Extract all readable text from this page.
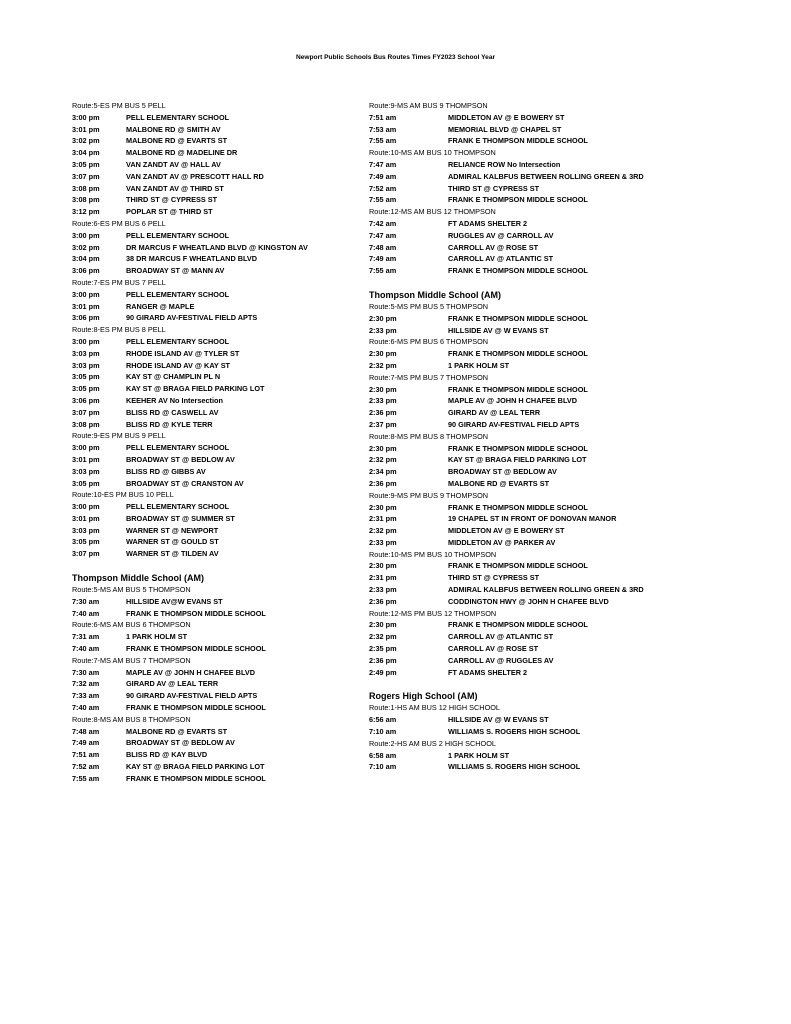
Newport Public Schools Bus Routes Times FY2023 School Year
Route:5-ES PM BUS 5 PELL
3:00 pm	PELL ELEMENTARY SCHOOL
3:01 pm	MALBONE RD @ SMITH AV
3:02 pm	MALBONE RD @ EVARTS ST
3:04 pm	MALBONE RD @ MADELINE DR
3:05 pm	VAN ZANDT AV @ HALL AV
3:07 pm	VAN ZANDT AV @ PRESCOTT HALL RD
3:08 pm	VAN ZANDT AV @ THIRD ST
3:08 pm	THIRD ST @ CYPRESS ST
3:12 pm	POPLAR ST @ THIRD ST
Route:6-ES PM BUS 6 PELL
3:00 pm	PELL ELEMENTARY SCHOOL
3:02 pm	DR MARCUS F WHEATLAND BLVD @ KINGSTON AV
3:04 pm	38 DR MARCUS F WHEATLAND BLVD
3:06 pm	BROADWAY ST @ MANN AV
Route:7-ES PM BUS 7 PELL
3:00 pm	PELL ELEMENTARY SCHOOL
3:01 pm	RANGER @ MAPLE
3:06 pm	90 GIRARD AV-FESTIVAL FIELD APTS
Route:8-ES PM BUS 8 PELL
3:00 pm	PELL ELEMENTARY SCHOOL
3:03 pm	RHODE ISLAND AV @ TYLER ST
3:03 pm	RHODE ISLAND AV @ KAY ST
3:05 pm	KAY ST @ CHAMPLIN PL N
3:05 pm	KAY ST @ BRAGA FIELD PARKING LOT
3:06 pm	KEEHER AV No Intersection
3:07 pm	BLISS RD @ CASWELL AV
3:08 pm	BLISS RD @ KYLE TERR
Route:9-ES PM BUS 9 PELL
3:00 pm	PELL ELEMENTARY SCHOOL
3:01 pm	BROADWAY ST @ BEDLOW AV
3:03 pm	BLISS RD @ GIBBS AV
3:05 pm	BROADWAY ST @ CRANSTON AV
Route:10-ES PM BUS 10 PELL
3:00 pm	PELL ELEMENTARY SCHOOL
3:01 pm	BROADWAY ST @ SUMMER ST
3:03 pm	WARNER ST @ NEWPORT
3:05 pm	WARNER ST @ GOULD ST
3:07 pm	WARNER ST @ TILDEN AV
Thompson Middle School (AM)
Route:5-MS AM BUS 5 THOMPSON
7:30 am	HILLSIDE AV@W EVANS ST
7:40 am	FRANK E THOMPSON MIDDLE SCHOOL
Route:6-MS AM BUS 6 THOMPSON
7:31 am	1 PARK HOLM ST
7:40 am	FRANK E THOMPSON MIDDLE SCHOOL
Route:7-MS AM BUS 7 THOMPSON
7:30 am	MAPLE AV @ JOHN H CHAFEE BLVD
7:32 am	GIRARD AV @ LEAL TERR
7:33 am	90 GIRARD AV-FESTIVAL FIELD APTS
7:40 am	FRANK E THOMPSON MIDDLE SCHOOL
Route:8-MS AM BUS 8 THOMPSON
7:48 am	MALBONE RD @ EVARTS ST
7:49 am	BROADWAY ST @ BEDLOW AV
7:51 am	BLISS RD @ KAY BLVD
7:52 am	KAY ST @ BRAGA FIELD PARKING LOT
7:55 am	FRANK E THOMPSON MIDDLE SCHOOL
Route:9-MS AM BUS 9 THOMPSON
7:51 am	MIDDLETON AV @ E BOWERY ST
7:53 am	MEMORIAL BLVD @ CHAPEL ST
7:55 am	FRANK E THOMPSON MIDDLE SCHOOL
Route:10-MS AM BUS 10 THOMPSON
7:47 am	RELIANCE ROW No Intersection
7:49 am	ADMIRAL KALBFUS BETWEEN ROLLING GREEN & 3RD
7:52 am	THIRD ST @ CYPRESS ST
7:55 am	FRANK E THOMPSON MIDDLE SCHOOL
Route:12-MS AM BUS 12 THOMPSON
7:42 am	FT ADAMS SHELTER 2
7:47 am	RUGGLES AV @ CARROLL AV
7:48 am	CARROLL AV @ ROSE ST
7:49 am	CARROLL AV @ ATLANTIC ST
7:55 am	FRANK E THOMPSON MIDDLE SCHOOL
Thompson Middle School (AM)
Route:5-MS PM BUS 5 THOMPSON
2:30 pm	FRANK E THOMPSON MIDDLE SCHOOL
2:33 pm	HILLSIDE AV @ W EVANS ST
Route:6-MS PM BUS 6 THOMPSON
2:30 pm	FRANK E THOMPSON MIDDLE SCHOOL
2:32 pm	1 PARK HOLM ST
Route:7-MS PM BUS 7 THOMPSON
2:30 pm	FRANK E THOMPSON MIDDLE SCHOOL
2:33 pm	MAPLE AV @ JOHN H CHAFEE BLVD
2:36 pm	GIRARD AV @ LEAL TERR
2:37 pm	90 GIRARD AV-FESTIVAL FIELD APTS
Route:8-MS PM BUS 8 THOMPSON
2:30 pm	FRANK E THOMPSON MIDDLE SCHOOL
2:32 pm	KAY ST @ BRAGA FIELD PARKING LOT
2:34 pm	BROADWAY ST @ BEDLOW AV
2:36 pm	MALBONE RD @ EVARTS ST
Route:9-MS PM BUS 9 THOMPSON
2:30 pm	FRANK E THOMPSON MIDDLE SCHOOL
2:31 pm	19 CHAPEL ST IN FRONT OF DONOVAN MANOR
2:32 pm	MIDDLETON AV @ E BOWERY ST
2:33 pm	MIDDLETON AV @ PARKER AV
Route:10-MS PM BUS 10 THOMPSON
2:30 pm	FRANK E THOMPSON MIDDLE SCHOOL
2:31 pm	THIRD ST @ CYPRESS ST
2:33 pm	ADMIRAL KALBFUS BETWEEN ROLLING GREEN & 3RD
2:36 pm	CODDINGTON HWY @ JOHN H CHAFEE BLVD
Route:12-MS PM BUS 12 THOMPSON
2:30 pm	FRANK E THOMPSON MIDDLE SCHOOL
2:32 pm	CARROLL AV @ ATLANTIC ST
2:35 pm	CARROLL AV @ ROSE ST
2:36 pm	CARROLL AV @ RUGGLES AV
2:49 pm	FT ADAMS SHELTER 2
Rogers High School (AM)
Route:1-HS AM BUS 12 HIGH SCHOOL
6:56 am	HILLSIDE AV @ W EVANS ST
7:10 am	WILLIAMS S. ROGERS HIGH SCHOOL
Route:2-HS AM BUS 2 HIGH SCHOOL
6:58 am	1 PARK HOLM ST
7:10 am	WILLIAMS S. ROGERS HIGH SCHOOL
